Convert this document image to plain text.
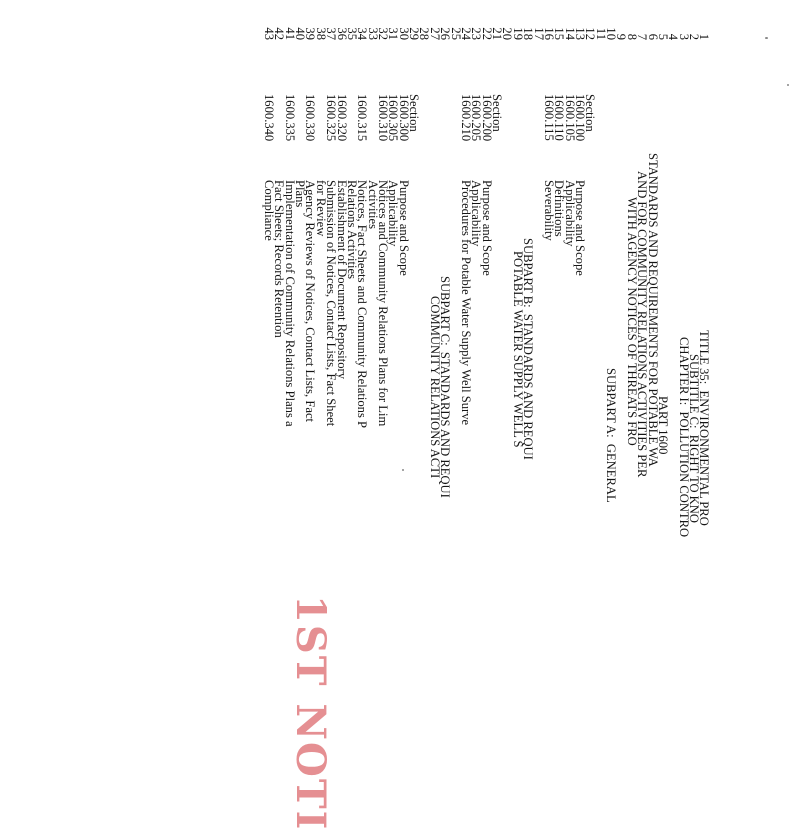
1ST NOTI
1
TITLE 35:  ENVIRONMENTAL PRO
2
SUBTITLE C:  RIGHT TO KNO
3
CHAPTER I:  POLLUTION CONTRO
4
5
PART 1600
6
STANDARDS AND REQUIREMENTS FOR POTABLE WA
7
AND FOR COMMUNITY RELATIONS ACTIVITIES PER
8
WITH AGENCY NOTICES OF THREATS FRO
9
10
SUBPART A:  GENERAL
11
12
Section
13
1600.100
Purpose and Scope
14
1600.105
Applicability
15
1600.110
Definitions
16
1600.115
Severability
17
18
SUBPART B:  STANDARDS AND REQUI
19
POTABLE WATER SUPPLY WELL S
20
21
Section
22
1600.200
Purpose and Scope
23
1600.205
Applicability
24
1600.210
Procedures for Potable Water Supply Well Surve
25
26
SUBPART C:  STANDARDS AND REQUI
27
COMMUNITY RELATIONS ACTI
28
29
Section
30
1600.300
Purpose and Scope
31
1600.305
Applicability
32
1600.310
Notices and Community Relations Plans for Lim
33
Activities
34
1600.315
Notices, Fact Sheets and Community Relations P
35
Relations Activities
36
1600.320
Establishment of Document Repository
37
1600.325
Submission of Notices, Contact Lists, Fact Sheet
38
for Review
39
1600.330
Agency Reviews of Notices, Contact Lists, Fact
40
Plans
41
1600.335
Implementation of Community Relations Plans a
42
Fact Sheets; Records Retention
43
1600.340
Compliance
